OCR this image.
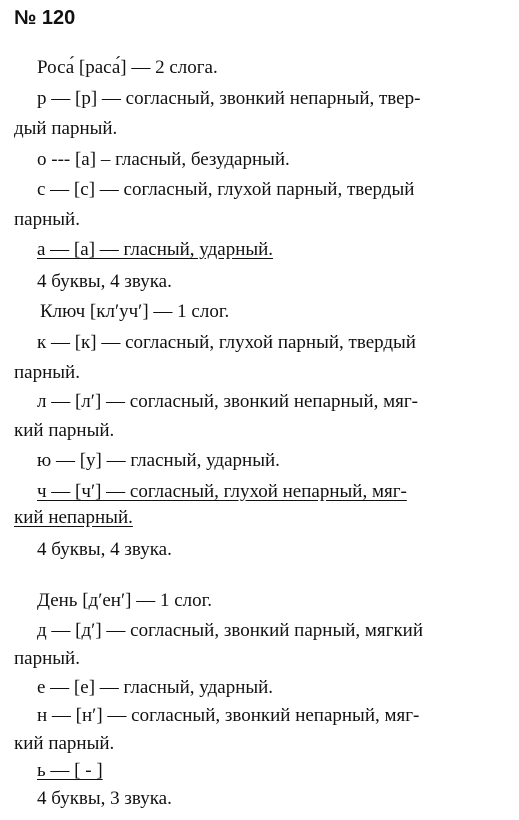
№ 120
Роса́ [раса́] — 2 слога.
р — [р] — согласный, звонкий непарный, твер-
дый парный.
о --- [а] – гласный, безударный.
с — [с] — согласный, глухой парный, твердый
парный.
а — [а] — гласный, ударный.
4 буквы, 4 звука.
Ключ [кл′уч′] — 1 слог.
к — [к] — согласный, глухой парный, твердый
парный.
л — [л′] — согласный, звонкий непарный, мяг-
кий парный.
ю — [у] — гласный, ударный.
ч — [ч′] — согласный, глухой непарный, мяг-
кий непарный.
4 буквы, 4 звука.
День [д′ен′] — 1 слог.
д — [д′] — согласный, звонкий парный, мягкий
парный.
е — [е] — гласный, ударный.
н — [н′] — согласный, звонкий непарный, мяг-
кий парный.
ь — [ - ]
4 буквы, 3 звука.
